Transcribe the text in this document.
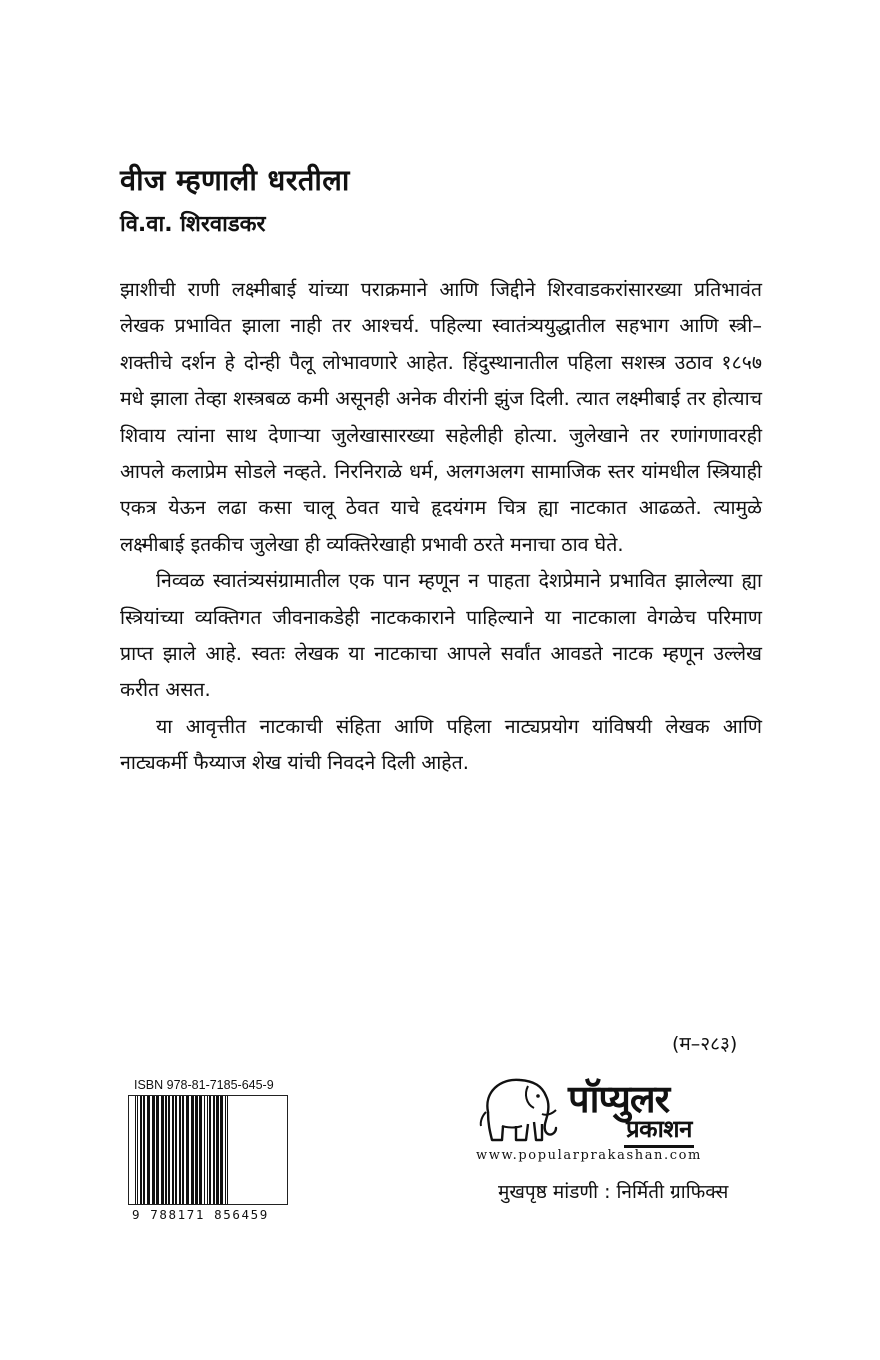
वीज म्हणाली धरतीला
वि.वा. शिरवाडकर

झाशीची राणी लक्ष्मीबाई यांच्या पराक्रमाने आणि जिद्दीने शिरवाडकरांसारख्या प्रतिभावंत लेखक प्रभावित झाला नाही तर आश्चर्य. पहिल्या स्वातंत्र्ययुद्धातील सहभाग आणि स्त्री–शक्तीचे दर्शन हे दोन्ही पैलू लोभावणारे आहेत. हिंदुस्थानातील पहिला सशस्त्र उठाव १८५७ मधे झाला तेव्हा शस्त्रबळ कमी असूनही अनेक वीरांनी झुंज दिली. त्यात लक्ष्मीबाई तर होत्याच शिवाय त्यांना साथ देणाऱ्या जुलेखासारख्या सहेलीही होत्या. जुलेखाने तर रणांगणावरही आपले कलाप्रेम सोडले नव्हते. निरनिराळे धर्म, अलगअलग सामाजिक स्तर यांमधील स्त्रियाही एकत्र येऊन लढा कसा चालू ठेवत याचे हृदयंगम चित्र ह्या नाटकात आढळते. त्यामुळे लक्ष्मीबाई इतकीच जुलेखा ही व्यक्तिरेखाही प्रभावी ठरते मनाचा ठाव घेते.

निव्वळ स्वातंत्र्यसंग्रामातील एक पान म्हणून न पाहता देशप्रेमाने प्रभावित झालेल्या ह्या स्त्रियांच्या व्यक्तिगत जीवनाकडेही नाटककाराने पाहिल्याने या नाटकाला वेगळेच परिमाण प्राप्त झाले आहे. स्वतः लेखक या नाटकाचा आपले सर्वांत आवडते नाटक म्हणून उल्लेख करीत असत.

या आवृत्तीत नाटकाची संहिता आणि पहिला नाट्यप्रयोग यांविषयी लेखक आणि नाट्यकर्मी फैय्याज शेख यांची निवदने दिली आहेत.

(म–२८३)
ISBN 978-81-7185-645-9
9 788171 856459
पॉप्युलर
प्रकाशन
www.popularprakashan.com
मुखपृष्ठ मांडणी : निर्मिती ग्राफिक्स
